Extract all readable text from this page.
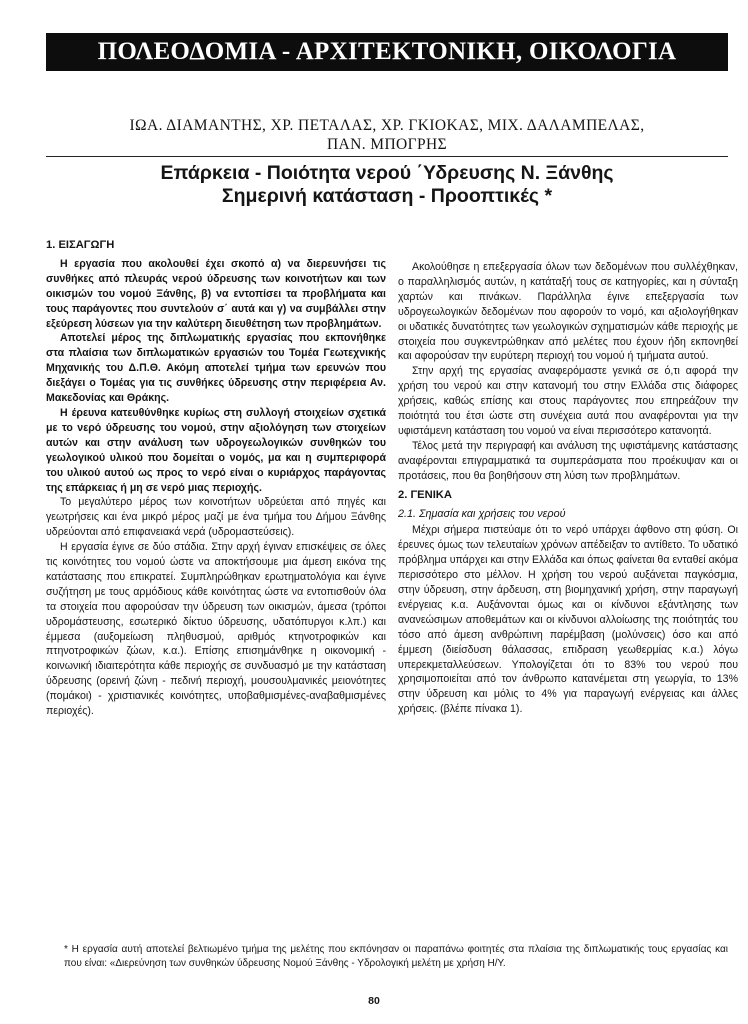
ΠΟΛΕΟΔΟΜΙΑ - ΑΡΧΙΤΕΚΤΟΝΙΚΗ, ΟΙΚΟΛΟΓΙΑ
ΙΩΑ. ΔΙΑΜΑΝΤΗΣ, ΧΡ. ΠΕΤΑΛΑΣ, ΧΡ. ΓΚΙΟΚΑΣ, ΜΙΧ. ΔΑΛΑΜΠΕΛΑΣ,
ΠΑΝ. ΜΠΟΓΡΗΣ
Επάρκεια - Ποιότητα νερού ΄Υδρευσης Ν. Ξάνθης
Σημερινή κατάσταση - Προοπτικές *
1. ΕΙΣΑΓΩΓΗ

Η εργασία που ακολουθεί έχει σκοπό α) να διερευνήσει τις συνθήκες από πλευράς νερού ύδρευσης των κοινοτήτων και των οικισμών του νομού Ξάνθης, β) να εντοπίσει τα προβλήματα και τους παράγοντες που συντελούν σ΄ αυτά και γ) να συμβάλλει στην εξεύρεση λύσεων για την καλύτερη διευθέτηση των προβλημάτων.

Αποτελεί μέρος της διπλωματικής εργασίας που εκπονήθηκε στα πλαίσια των διπλωματικών εργασιών του Τομέα Γεωτεχνικής Μηχανικής του Δ.Π.Θ. Ακόμη αποτελεί τμήμα των ερευνών που διεξάγει ο Τομέας για τις συνθήκες ύδρευσης στην περιφέρεια Αν. Μακεδονίας και Θράκης.

Η έρευνα κατευθύνθηκε κυρίως στη συλλογή στοιχείων σχετικά με το νερό ύδρευσης του νομού, στην αξιολόγηση των στοιχείων αυτών και στην ανάλυση των υδρογεωλογικών συνθηκών του γεωλογικού υλικού που δομείται ο νομός, μα και η συμπεριφορά του υλικού αυτού ως προς το νερό είναι ο κυριάρχος παράγοντας της επάρκειας ή μη σε νερό μιας περιοχής.

Το μεγαλύτερο μέρος των κοινοτήτων υδρεύεται από πηγές και γεωτρήσεις και ένα μικρό μέρος μαζί με ένα τμήμα του Δήμου Ξάνθης υδρεύονται από επιφανειακά νερά (υδρομαστεύσεις).

Η εργασία έγινε σε δύο στάδια. Στην αρχή έγιναν επισκέψεις σε όλες τις κοινότητες του νομού ώστε να αποκτήσουμε μια άμεση εικόνα της κατάστασης που επικρατεί. Συμπληρώθηκαν ερωτηματολόγια και έγινε συζήτηση με τους αρμόδιους κάθε κοινότητας ώστε να εντοπισθούν όλα τα στοιχεία που αφορούσαν την ύδρευση των οικισμών, άμεσα (τρόποι υδρομάστευσης, εσωτερικό δίκτυο ύδρευσης, υδατόπυργοι κ.λπ.) και έμμεσα (αυξομείωση πληθυσμού, αριθμός κτηνοτροφικών και πτηνοτροφικών ζώων, κ.α.). Επίσης επισημάνθηκε η οικονομική - κοινωνική ιδιαιτερότητα κάθε περιοχής σε συνδυασμό με την κατάσταση ύδρευσης (ορεινή ζώνη - πεδινή περιοχή, μουσουλμανικές μειονότητες (πομάκοι) - χριστιανικές κοινότητες, υποβαθμισμένες-αναβαθμισμένες περιοχές).

Ακολούθησε η επεξεργασία όλων των δεδομένων που συλλέχθηκαν, ο παραλληλισμός αυτών, η κατάταξή τους σε κατηγορίες, και η σύνταξη χαρτών και πινάκων. Παράλληλα έγινε επεξεργασία των υδρογεωλογικών δεδομένων που αφορούν το νομό, και αξιολογήθηκαν οι υδατικές δυνατότητες των γεωλογικών σχηματισμών κάθε περιοχής με στοιχεία που συγκεντρώθηκαν από μελέτες που έχουν ήδη εκπονηθεί και αφορούσαν την ευρύτερη περιοχή του νομού ή τμήματα αυτού.

Στην αρχή της εργασίας αναφερόμαστε γενικά σε ό,τι αφορά την χρήση του νερού και στην κατανομή του στην Ελλάδα στις διάφορες χρήσεις, καθώς επίσης και στους παράγοντες που επηρεάζουν την ποιότητά του έτσι ώστε στη συνέχεια αυτά που αναφέρονται για την υφιστάμενη κατάσταση του νομού να είναι περισσότερο κατανοητά.

Τέλος μετά την περιγραφή και ανάλυση της υφιστάμενης κατάστασης αναφέρονται επιγραμματικά τα συμπεράσματα που προέκυψαν και οι προτάσεις, που θα βοηθήσουν στη λύση των προβλημάτων.

2. ΓΕΝΙΚΑ
2.1. Σημασία και χρήσεις του νερού

Μέχρι σήμερα πιστεύαμε ότι το νερό υπάρχει άφθονο στη φύση. Οι έρευνες όμως των τελευταίων χρόνων απέδειξαν το αντίθετο. Το υδατικό πρόβλημα υπάρχει και στην Ελλάδα και όπως φαίνεται θα ενταθεί ακόμα περισσότερο στο μέλλον. Η χρήση του νερού αυξάνεται παγκόσμια, στην ύδρευση, στην άρδευση, στη βιομηχανική χρήση, στην παραγωγή ενέργειας κ.α. Αυξάνονται όμως και οι κίνδυνοι εξάντλησης των ανανεώσιμων αποθεμάτων και οι κίνδυνοι αλλοίωσης της ποιότητάς του τόσο από άμεση ανθρώπινη παρέμβαση (μολύνσεις) όσο και από έμμεση (διείσδυση θάλασσας, επιδραση γεωθερμίας κ.α.) λόγω υπερεκμεταλλεύσεων. Υπολογίζεται ότι το 83% του νερού που χρησιμοποιείται από τον άνθρωπο κατανέμεται στη γεωργία, το 13% στην ύδρευση και μόλις το 4% για παραγωγή ενέργειας και άλλες χρήσεις. (βλέπε πίνακα 1).

* Η εργασία αυτή αποτελεί βελτιωμένο τμήμα της μελέτης που εκπόνησαν οι παραπάνω φοιτητές στα πλαίσια της διπλωματικής τους εργασίας και που είναι: «Διερεύνηση των συνθηκών ύδρευσης Νομού Ξάνθης - Υδρολογική μελέτη με χρήση Η/Υ.
80
